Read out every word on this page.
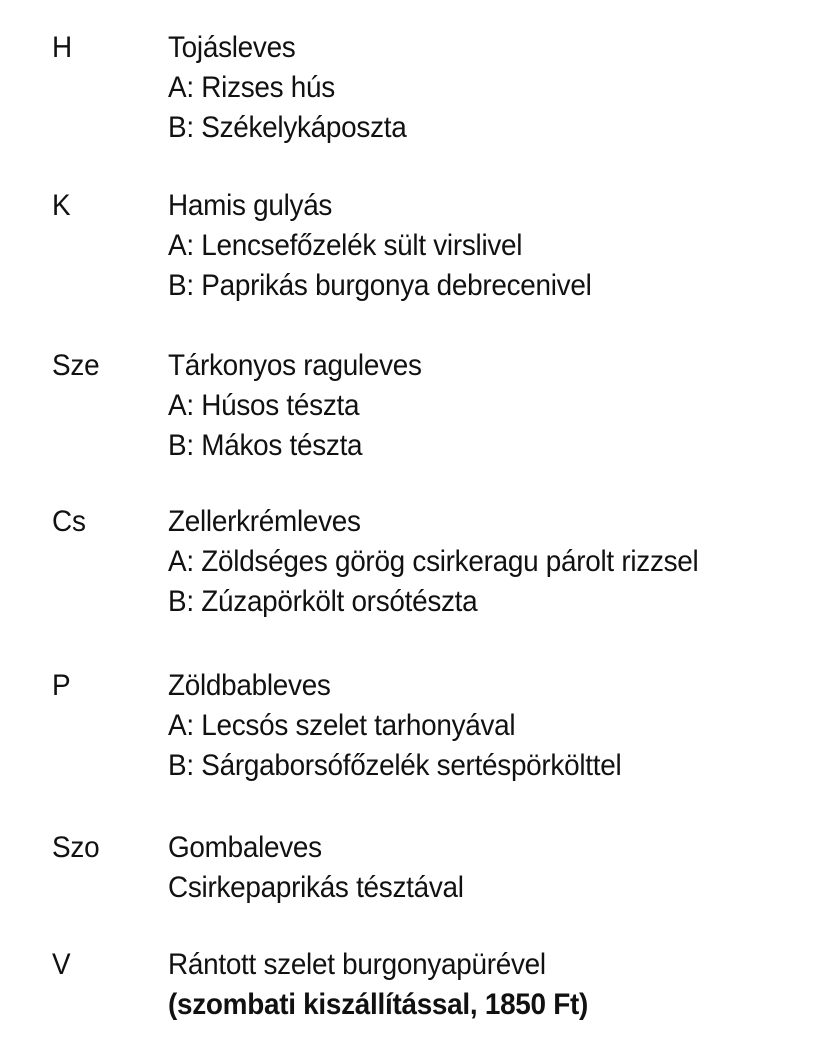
H	Tojásleves
A: Rizses hús
B: Székelykáposzta
K	Hamis gulyás
A: Lencsefőzelék sült virslivel
B: Paprikás burgonya debrecenivel
Sze Tárkonyos raguleves
A: Húsos tészta
B: Mákos tészta
Cs	Zellerkrémleves
A: Zöldséges görög csirkeragu párolt rizzsel
B: Zúzapörkölt orsótészta
P	Zöldbableves
A: Lecsós szelet tarhonyával
B: Sárgaborsófőzelék sertéspörkölttel
Szo Gombaleves
Csirkepaprikás tésztával
V	Rántott szelet burgonyapürével
(szombati kiszállítással, 1850 Ft)
